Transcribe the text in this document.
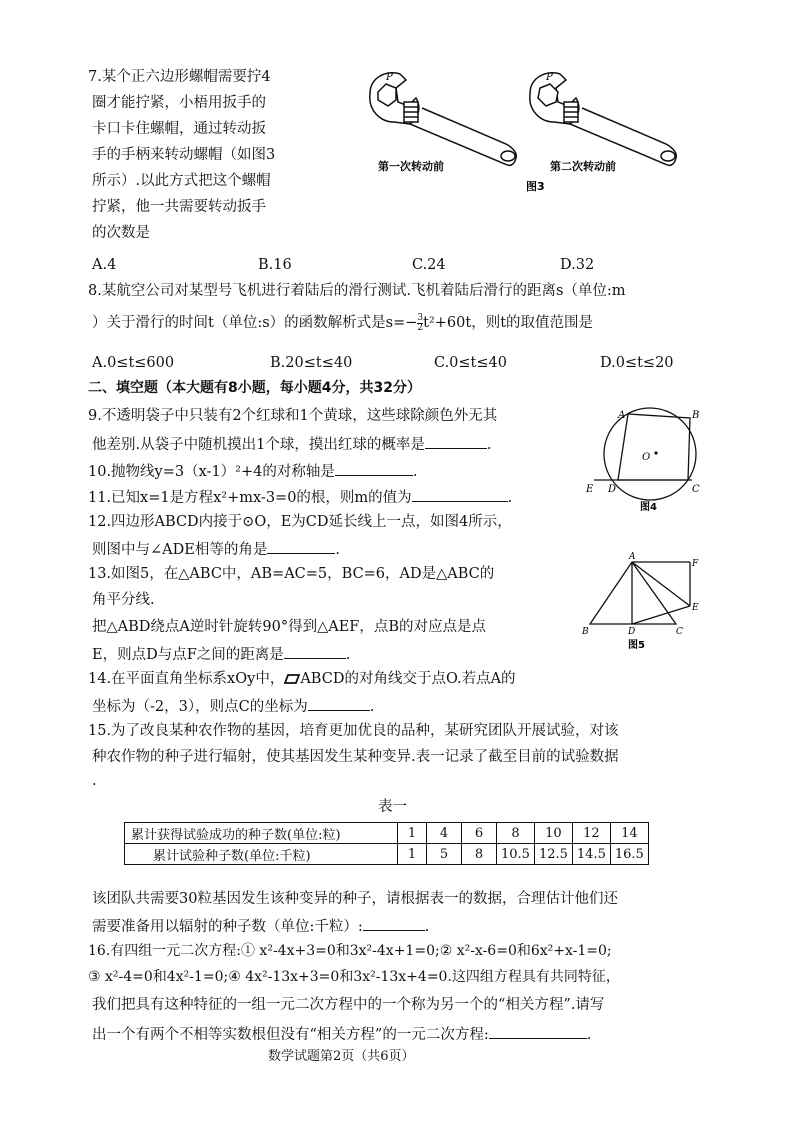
7.某个正六边形螺帽需要拧4
圈才能拧紧，小梧用扳手的
卡口卡住螺帽，通过转动扳
手的手柄来转动螺帽（如图3
所示）.以此方式把这个螺帽
拧紧，他一共需要转动扳手
的次数是
P
第一次转动前
P
第二次转动前
图3
A.4	B.16	C.24	D.32
8.某航空公司对某型号飞机进行着陆后的滑行测试.飞机着陆后滑行的距离s（单位:m
）关于滑行的时间t（单位:s）的函数解析式是$s=- \frac{3}{2} t^2+60t$，则t的取值范围是
A.0≤t≤600	B.20≤t≤40	C.0≤t≤40	D.0≤t≤20
二、填空题（本大题有8小题，每小题4分，共32分）
9.不透明袋子中只装有2个红球和1个黄球，这些球除颜色外无其
他差别.从袋子中随机摸出1个球，摸出红球的概率是	.
10.抛物线y=3（x-1）²+4的对称轴是	.
11.已知x=1是方程x²+mx-3=0的根，则m的值为	.
12.四边形ABCD内接于⊙O，E为CD延长线上一点，如图4所示，
则图中与∠ADE相等的角是	.
A	B
C
D
E
O
图4
13.如图5，在△ABC中，AB=AC=5，BC=6，AD是△ABC的
角平分线.
把△ABD绕点A逆时针旋转90°得到△AEF，点B的对应点是点
E，则点D与点F之间的距离是	.
A
B	C
D
E
F
图5
14.在平面直角坐标系xOy中， ABCD的对角线交于点O.若点A的
坐标为（-2，3），则点C的坐标为	.
15.为了改良某种农作物的基因，培育更加优良的品种，某研究团队开展试验，对该
种农作物的种子进行辐射，使其基因发生某种变异.表一记录了截至目前的试验数据
.
表一
累计获得试验成功的种子数(单位:粒)	1	4	6	8	10	12	14
累计试验种子数(单位:千粒)	1	5	8	10.5	12.5	14.5	16.5
该团队共需要30粒基因发生该种变异的种子，请根据表一的数据，合理估计他们还
需要准备用以辐射的种子数（单位:千粒）:	.
16.有四组一元二次方程:① x²-4x+3=0和3x²-4x+1=0;② x²-x-6=0和6x²+x-1=0;
③ x²-4=0和4x²-1=0;④ 4x²-13x+3=0和3x²-13x+4=0.这四组方程具有共同特征，
我们把具有这种特征的一组一元二次方程中的一个称为另一个的“相关方程”.请写
出一个有两个不相等实数根但没有“相关方程”的一元二次方程:	.
数学试题第2页（共6页）
